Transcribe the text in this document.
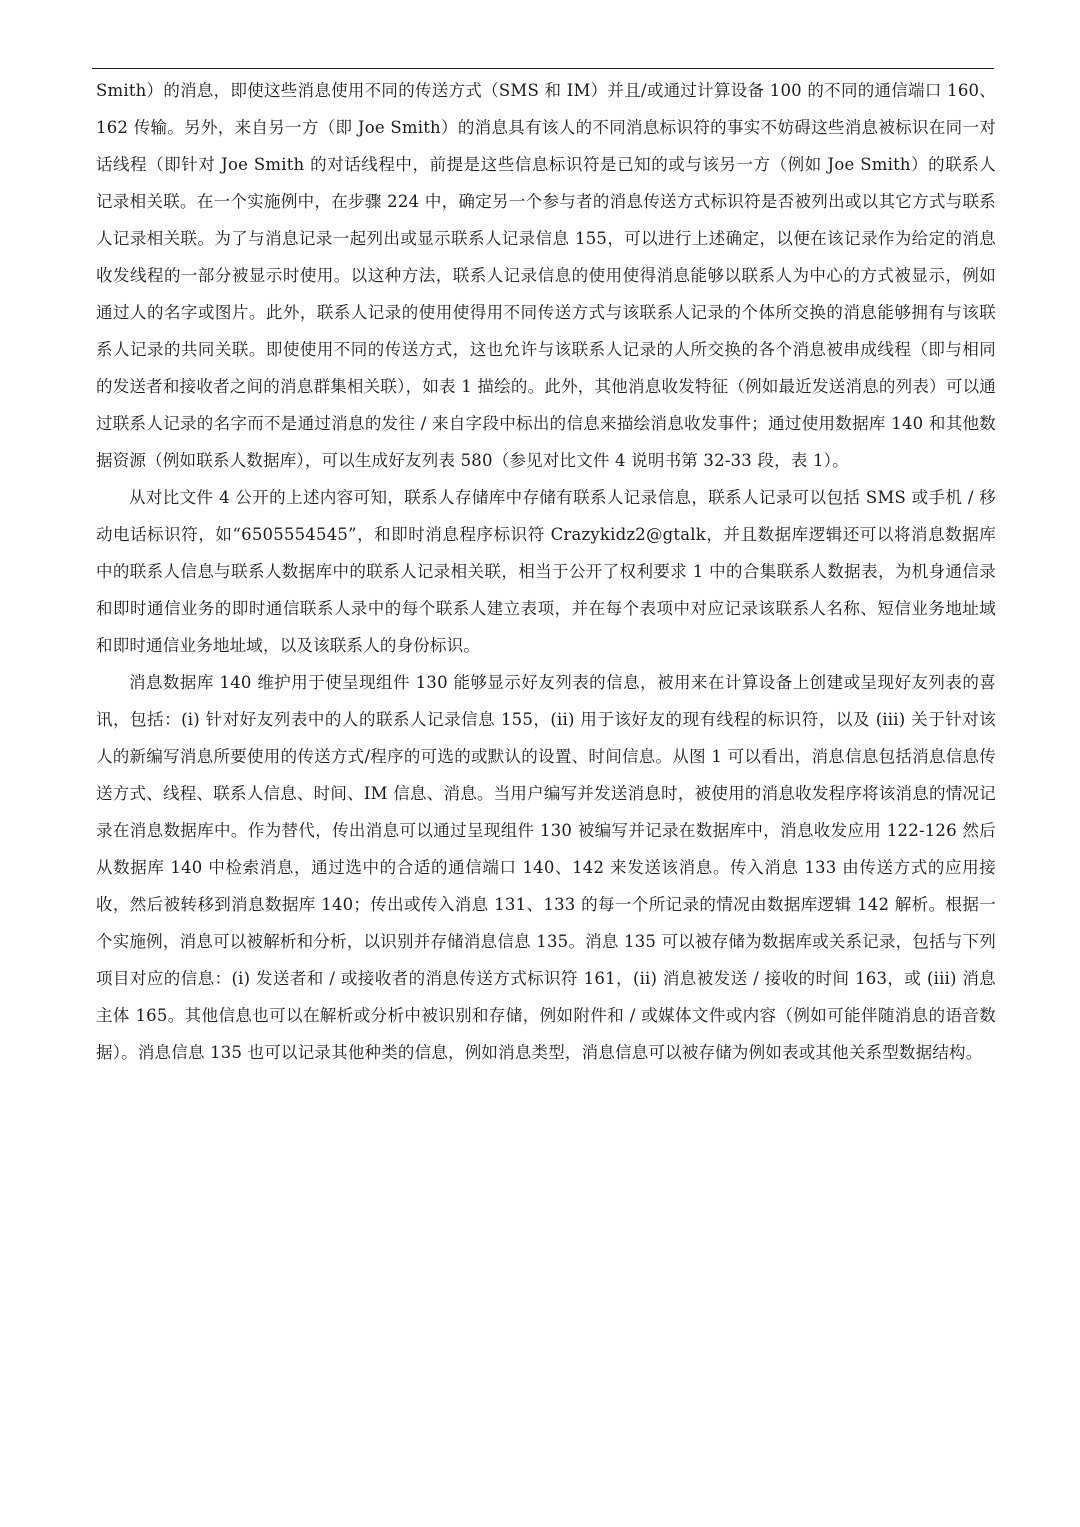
Smith）的消息，即使这些消息使用不同的传送方式（SMS 和 IM）并且/或通过计算设备 100 的不同的通信端口 160、162 传输。另外，来自另一方（即 Joe Smith）的消息具有该人的不同消息标识符的事实不妨碍这些消息被标识在同一对话线程（即针对 Joe Smith 的对话线程中，前提是这些信息标识符是已知的或与该另一方（例如 Joe Smith）的联系人记录相关联。在一个实施例中，在步骤 224 中，确定另一个参与者的消息传送方式标识符是否被列出或以其它方式与联系人记录相关联。为了与消息记录一起列出或显示联系人记录信息 155，可以进行上述确定，以便在该记录作为给定的消息收发线程的一部分被显示时使用。以这种方法，联系人记录信息的使用使得消息能够以联系人为中心的方式被显示，例如通过人的名字或图片。此外，联系人记录的使用使得用不同传送方式与该联系人记录的个体所交换的消息能够拥有与该联系人记录的共同关联。即使使用不同的传送方式，这也允许与该联系人记录的人所交换的各个消息被串成线程（即与相同的发送者和接收者之间的消息群集相关联），如表 1 描绘的。此外，其他消息收发特征（例如最近发送消息的列表）可以通过联系人记录的名字而不是通过消息的发往 / 来自字段中标出的信息来描绘消息收发事件；通过使用数据库 140 和其他数据资源（例如联系人数据库），可以生成好友列表 580（参见对比文件 4 说明书第 32-33 段，表 1）。

从对比文件 4 公开的上述内容可知，联系人存储库中存储有联系人记录信息，联系人记录可以包括 SMS 或手机 / 移动电话标识符，如“6505554545”，和即时消息程序标识符 Crazykidz2@gtalk，并且数据库逻辑还可以将消息数据库中的联系人信息与联系人数据库中的联系人记录相关联，相当于公开了权利要求 1 中的合集联系人数据表，为机身通信录和即时通信业务的即时通信联系人录中的每个联系人建立表项，并在每个表项中对应记录该联系人名称、短信业务地址域和即时通信业务地址域，以及该联系人的身份标识。

消息数据库 140 维护用于使呈现组件 130 能够显示好友列表的信息，被用来在计算设备上创建或呈现好友列表的喜讯，包括：(i) 针对好友列表中的人的联系人记录信息 155，(ii) 用于该好友的现有线程的标识符，以及 (iii) 关于针对该人的新编写消息所要使用的传送方式/程序的可选的或默认的设置、时间信息。从图 1 可以看出，消息信息包括消息信息传送方式、线程、联系人信息、时间、IM 信息、消息。当用户编写并发送消息时，被使用的消息收发程序将该消息的情况记录在消息数据库中。作为替代，传出消息可以通过呈现组件 130 被编写并记录在数据库中，消息收发应用 122-126 然后从数据库 140 中检索消息，通过选中的合适的通信端口 140、142 来发送该消息。传入消息 133 由传送方式的应用接收，然后被转移到消息数据库 140；传出或传入消息 131、133 的每一个所记录的情况由数据库逻辑 142 解析。根据一个实施例，消息可以被解析和分析，以识别并存储消息信息 135。消息 135 可以被存储为数据库或关系记录，包括与下列项目对应的信息：(i) 发送者和 / 或接收者的消息传送方式标识符 161，(ii) 消息被发送 / 接收的时间 163，或 (iii) 消息主体 165。其他信息也可以在解析或分析中被识别和存储，例如附件和 / 或媒体文件或内容（例如可能伴随消息的语音数据）。消息信息 135 也可以记录其他种类的信息，例如消息类型，消息信息可以被存储为例如表或其他关系型数据结构。
